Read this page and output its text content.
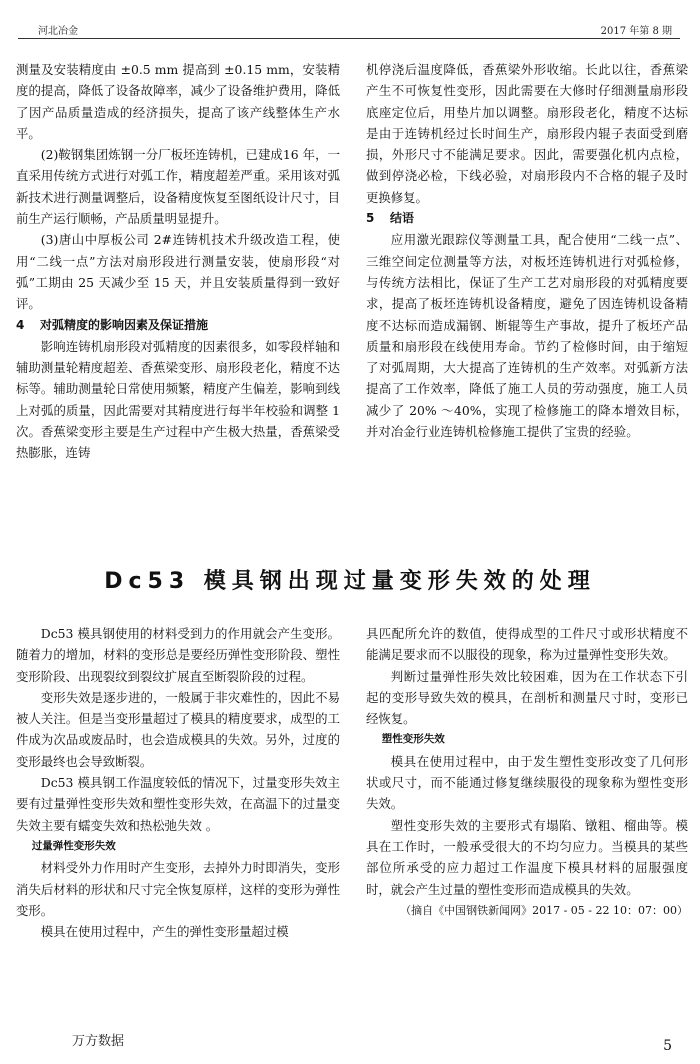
河北冶金	2017 年第 8 期

测量及安装精度由 ±0.5 mm 提高到 ±0.15 mm，安装精度的提高，降低了设备故障率，减少了设备维护费用，降低了因产品质量造成的经济损失，提高了该产线整体生产水平。

(2)鞍钢集团炼钢一分厂板坯连铸机，已建成16 年，一直采用传统方式进行对弧工作，精度超差严重。采用该对弧新技术进行测量调整后，设备精度恢复至图纸设计尺寸，目前生产运行顺畅，产品质量明显提升。

(3)唐山中厚板公司 2#连铸机技术升级改造工程，使用“二线一点”方法对扇形段进行测量安装，使扇形段“对弧”工期由 25 天减少至 15 天，并且安装质量得到一致好评。

4 对弧精度的影响因素及保证措施

影响连铸机扇形段对弧精度的因素很多，如零段样轴和辅助测量轮精度超差、香蕉梁变形、扇形段老化，精度不达标等。辅助测量轮日常使用频繁，精度产生偏差，影响到线上对弧的质量，因此需要对其精度进行每半年校验和调整 1 次。香蕉梁变形主要是生产过程中产生极大热量，香蕉梁受热膨胀，连铸

机停浇后温度降低，香蕉梁外形收缩。长此以往，香蕉梁产生不可恢复性变形，因此需要在大修时仔细测量扇形段底座定位后，用垫片加以调整。扇形段老化，精度不达标是由于连铸机经过长时间生产，扇形段内辊子表面受到磨损，外形尺寸不能满足要求。因此，需要强化机内点检，做到停浇必检，下线必验，对扇形段内不合格的辊子及时更换修复。

5 结语

应用激光跟踪仪等测量工具，配合使用“二线一点”、三维空间定位测量等方法，对板坯连铸机进行对弧检修，与传统方法相比，保证了生产工艺对扇形段的对弧精度要求，提高了板坯连铸机设备精度，避免了因连铸机设备精度不达标而造成漏钢、断辊等生产事故，提升了板坯产品质量和扇形段在线使用寿命。节约了检修时间，由于缩短了对弧周期，大大提高了连铸机的生产效率。对弧新方法提高了工作效率，降低了施工人员的劳动强度，施工人员减少了 20% ～40%，实现了检修施工的降本增效目标，并对冶金行业连铸机检修施工提供了宝贵的经验。

Dc53 模具钢出现过量变形失效的处理

Dc53 模具钢使用的材料受到力的作用就会产生变形。随着力的增加，材料的变形总是要经历弹性变形阶段、塑性变形阶段、出现裂纹到裂纹扩展直至断裂阶段的过程。

变形失效是逐步进的，一般属于非灾难性的，因此不易被人关注。但是当变形量超过了模具的精度要求，成型的工件成为次品或废品时，也会造成模具的失效。另外，过度的变形最终也会导致断裂。

Dc53 模具钢工作温度较低的情况下，过量变形失效主要有过量弹性变形失效和塑性变形失效，在高温下的过量变失效主要有蠕变失效和热松弛失效 。

过量弹性变形失效

材料受外力作用时产生变形，去掉外力时即消失，变形消失后材料的形状和尺寸完全恢复原样，这样的变形为弹性变形。

模具在使用过程中，产生的弹性变形量超过模

具匹配所允许的数值，使得成型的工件尺寸或形状精度不能满足要求而不以服役的现象，称为过量弹性变形失效。

判断过量弹性形失效比较困难，因为在工作状态下引起的变形导致失效的模具，在剖析和测量尺寸时，变形已经恢复。

塑性变形失效

模具在使用过程中，由于发生塑性变形改变了几何形状或尺寸，而不能通过修复继续服役的现象称为塑性变形失效。

塑性变形失效的主要形式有塌陷、镦粗、榴曲等。模具在工作时，一般承受很大的不均匀应力。当模具的某些部位所承受的应力超过工作温度下模具材料的屈服强度时，就会产生过量的塑性变形而造成模具的失效。

（摘自《中国钢铁新闻网》2017 - 05 - 22 10：07：00）
万方数据	5
